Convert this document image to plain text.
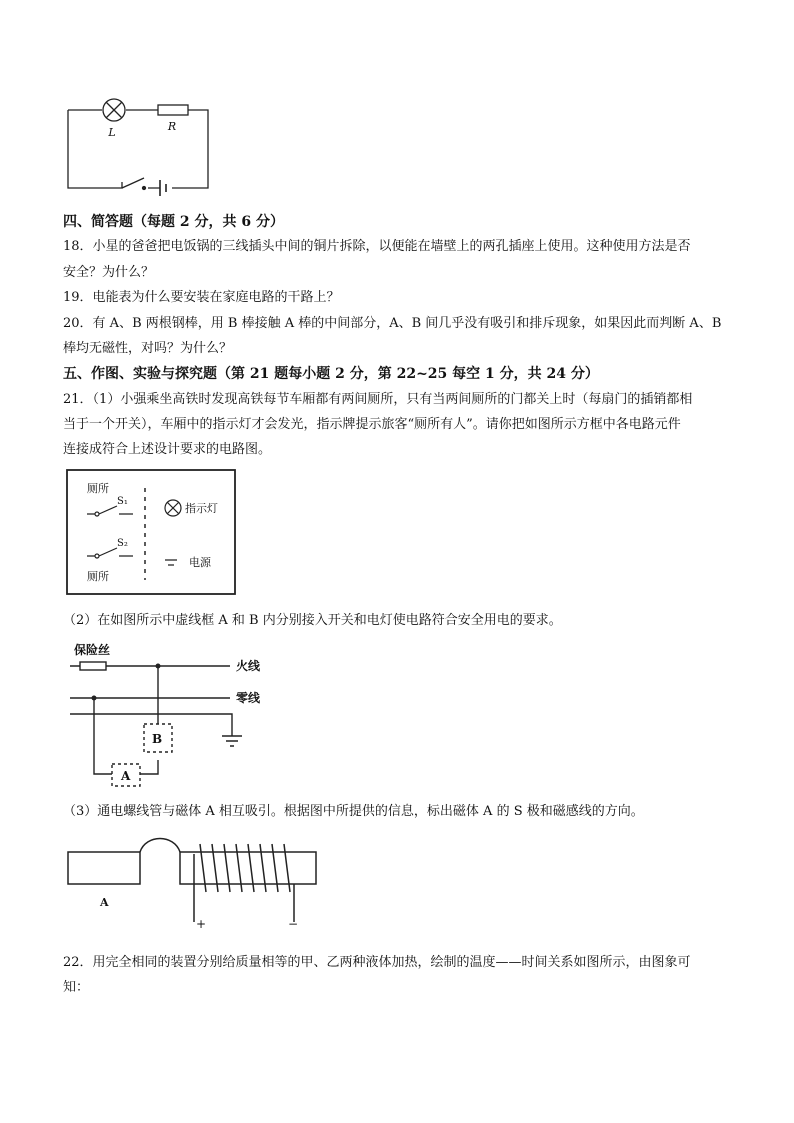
L	R
四、简答题（每题 2 分，共 6 分）
18．小星的爸爸把电饭锅的三线插头中间的铜片拆除，以便能在墙壁上的两孔插座上使用。这种使用方法是否
安全？为什么？
19．电能表为什么要安装在家庭电路的干路上？
20．有 A、B 两根钢棒，用 B 棒接触 A 棒的中间部分，A、B 间几乎没有吸引和排斥现象，如果因此而判断 A、B
棒均无磁性，对吗？为什么？
五、作图、实验与探究题（第 21 题每小题 2 分，第 22~25 每空 1 分，共 24 分）
21．（1）小强乘坐高铁时发现高铁每节车厢都有两间厕所，只有当两间厕所的门都关上时（每扇门的插销都相
当于一个开关），车厢中的指示灯才会发光，指示牌提示旅客“厕所有人”。请你把如图所示方框中各电路元件
连接成符合上述设计要求的电路图。
厕所
S₁
指示灯
S₂
厕所
电源
（2）在如图所示中虚线框 A 和 B 内分别接入开关和电灯使电路符合安全用电的要求。
保险丝
火线
零线
B
A
（3）通电螺线管与磁体 A 相互吸引。根据图中所提供的信息，标出磁体 A 的 S 极和磁感线的方向。
A
+	−
22．用完全相同的装置分别给质量相等的甲、乙两种液体加热，绘制的温度——时间关系如图所示，由图象可
知：
